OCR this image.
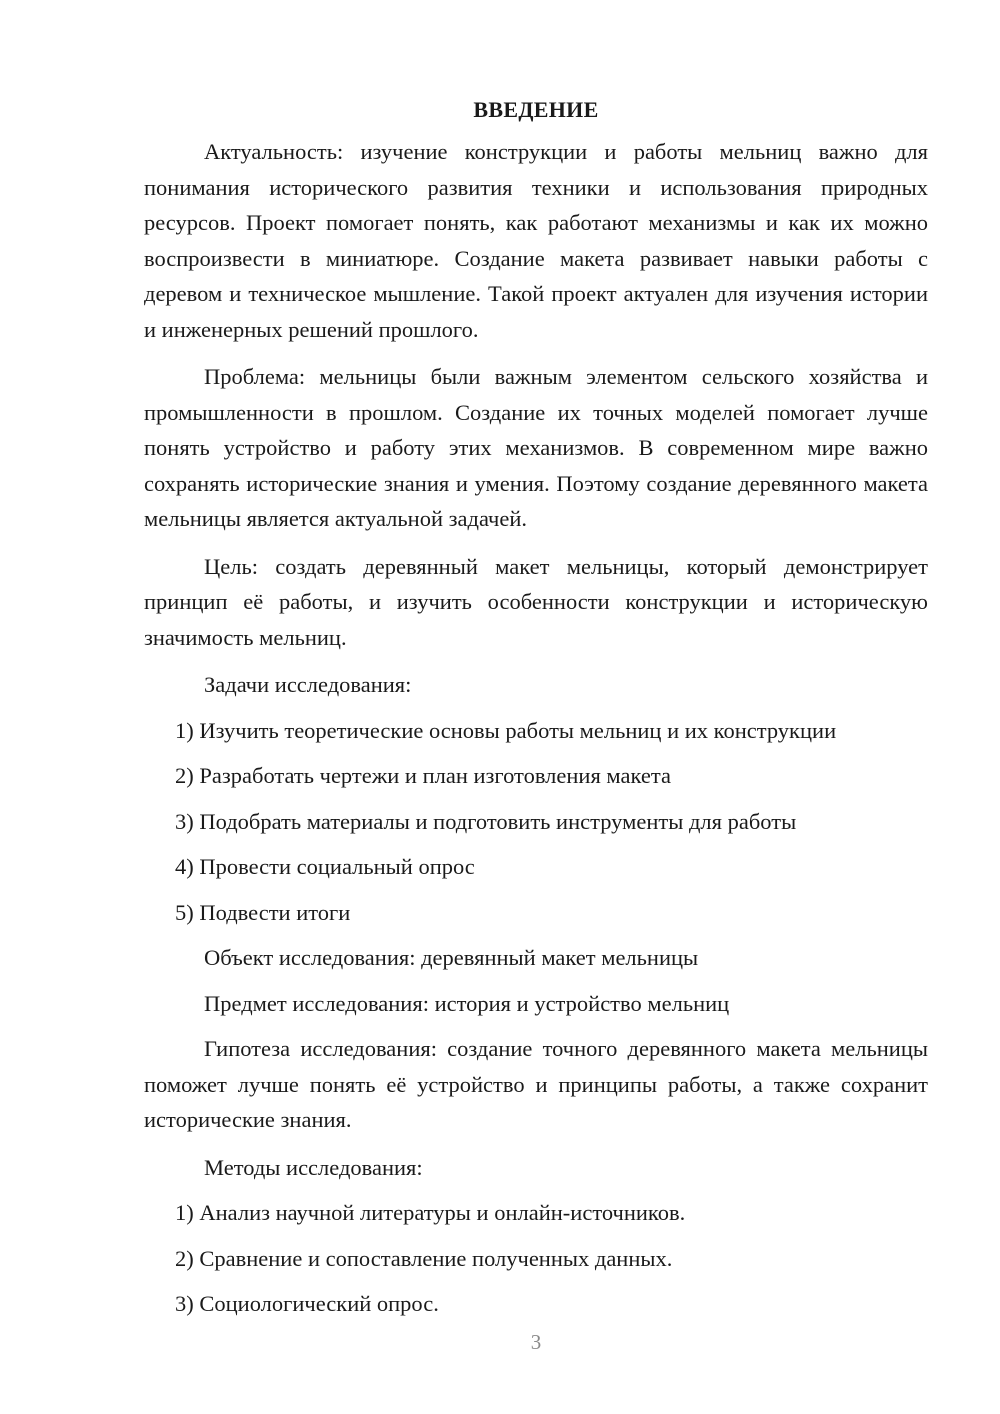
ВВЕДЕНИЕ

Актуальность: изучение конструкции и работы мельниц важно для понимания исторического развития техники и использования природных ресурсов. Проект помогает понять, как работают механизмы и как их можно воспроизвести в миниатюре. Создание макета развивает навыки работы с деревом и техническое мышление. Такой проект актуален для изучения истории и инженерных решений прошлого.

Проблема: мельницы были важным элементом сельского хозяйства и промышленности в прошлом. Создание их точных моделей помогает лучше понять устройство и работу этих механизмов. В современном мире важно сохранять исторические знания и умения. Поэтому создание деревянного макета мельницы является актуальной задачей.

Цель: создать деревянный макет мельницы, который демонстрирует принцип её работы, и изучить особенности конструкции и историческую значимость мельниц.

Задачи исследования:
1) Изучить теоретические основы работы мельниц и их конструкции
2) Разработать чертежи и план изготовления макета
3) Подобрать материалы и подготовить инструменты для работы
4) Провести социальный опрос
5) Подвести итоги
Объект исследования: деревянный макет мельницы
Предмет исследования: история и устройство мельниц

Гипотеза исследования: создание точного деревянного макета мельницы поможет лучше понять её устройство и принципы работы, а также сохранит исторические знания.

Методы исследования:
1) Анализ научной литературы и онлайн-источников.
2) Сравнение и сопоставление полученных данных.
3) Социологический опрос.
3
